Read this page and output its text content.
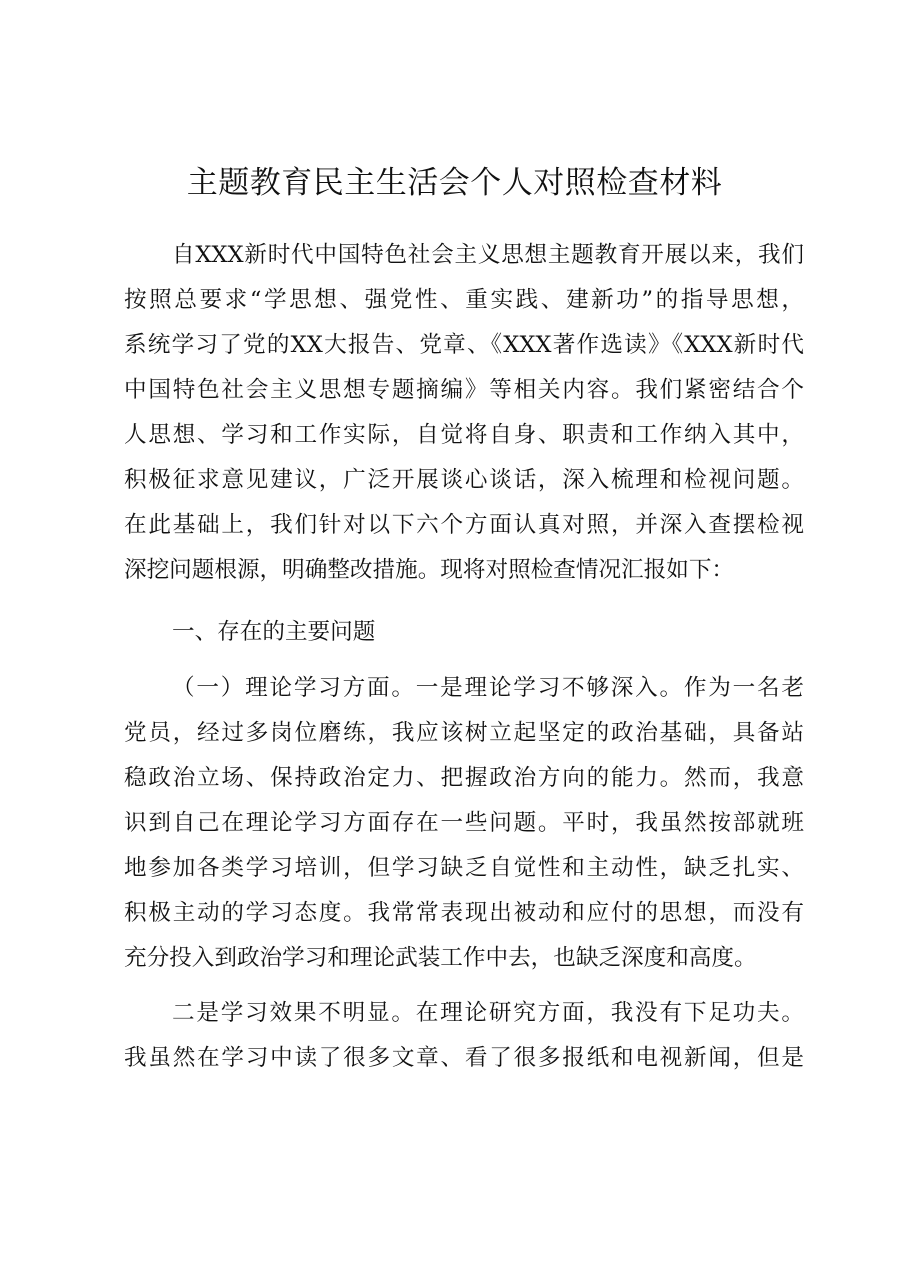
主题教育民主生活会个人对照检查材料
自XXX新时代中国特色社会主义思想主题教育开展以来，我们
按照总要求“学思想、强党性、重实践、建新功”的指导思想，
系统学习了党的XX大报告、党章、《XXX著作选读》《XXX新时代
中国特色社会主义思想专题摘编》等相关内容。我们紧密结合个
人思想、学习和工作实际，自觉将自身、职责和工作纳入其中，
积极征求意见建议，广泛开展谈心谈话，深入梳理和检视问题。
在此基础上，我们针对以下六个方面认真对照，并深入查摆检视
深挖问题根源，明确整改措施。现将对照检查情况汇报如下：
一、存在的主要问题
（一）理论学习方面。一是理论学习不够深入。作为一名老
党员，经过多岗位磨练，我应该树立起坚定的政治基础，具备站
稳政治立场、保持政治定力、把握政治方向的能力。然而，我意
识到自己在理论学习方面存在一些问题。平时，我虽然按部就班
地参加各类学习培训，但学习缺乏自觉性和主动性，缺乏扎实、
积极主动的学习态度。我常常表现出被动和应付的思想，而没有
充分投入到政治学习和理论武装工作中去，也缺乏深度和高度。
二是学习效果不明显。在理论研究方面，我没有下足功夫。
我虽然在学习中读了很多文章、看了很多报纸和电视新闻，但是
